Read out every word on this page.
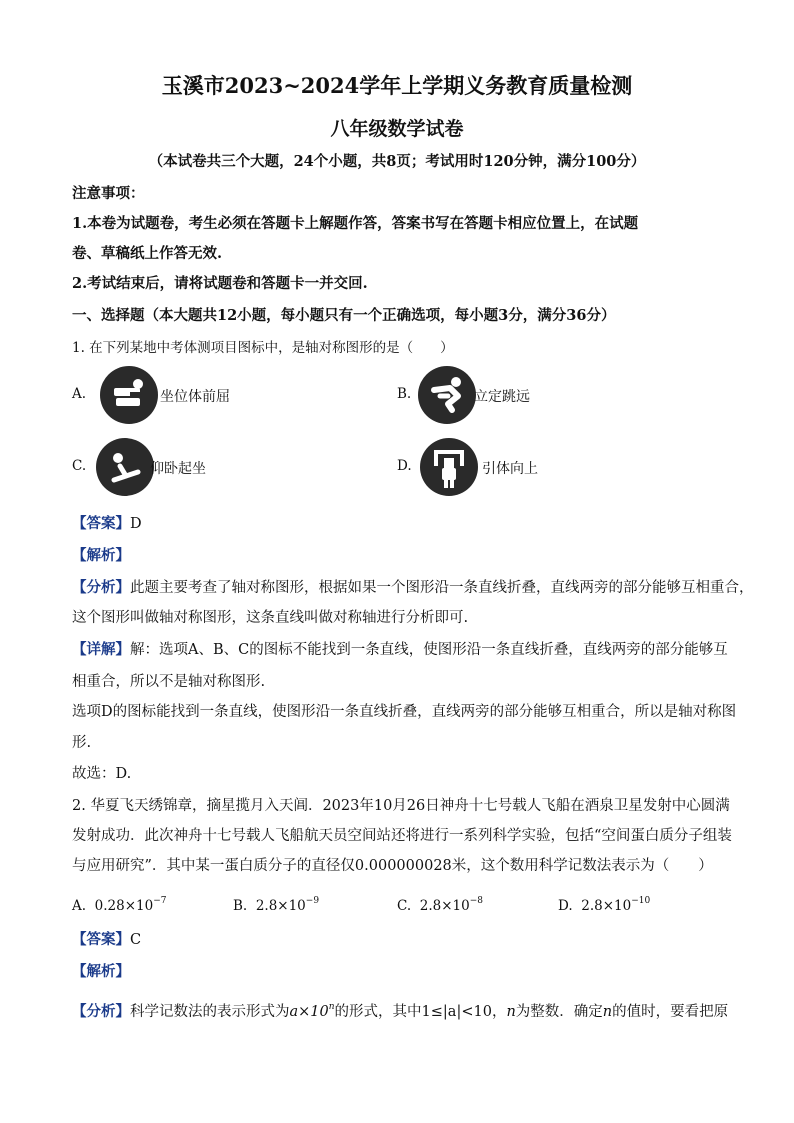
玉溪市2023~2024学年上学期义务教育质量检测
八年级数学试卷
（本试卷共三个大题，24个小题，共8页；考试用时120分钟，满分100分）
注意事项：
1.本卷为试题卷，考生必须在答题卡上解题作答，答案书写在答题卡相应位置上，在试题
卷、草稿纸上作答无效.
2.考试结束后，请将试题卷和答题卡一并交回.
一、选择题（本大题共12小题，每小题只有一个正确选项，每小题3分，满分36分）
1. 在下列某地中考体测项目图标中，是轴对称图形的是（　　）
A.	坐位体前屈	B.	立定跳远
C.	仰卧起坐	D.	引体向上
【答案】D
【解析】
【分析】此题主要考查了轴对称图形，根据如果一个图形沿一条直线折叠，直线两旁的部分能够互相重合，
这个图形叫做轴对称图形，这条直线叫做对称轴进行分析即可.
【详解】解：选项A、B、C的图标不能找到一条直线，使图形沿一条直线折叠，直线两旁的部分能够互
相重合，所以不是轴对称图形.
选项D的图标能找到一条直线，使图形沿一条直线折叠，直线两旁的部分能够互相重合，所以是轴对称图
形.
故选：D.
2. 华夏飞天绣锦章，摘星揽月入天阊．2023年10月26日神舟十七号载人飞船在酒泉卫星发射中心圆满
发射成功．此次神舟十七号载人飞船航天员空间站还将进行一系列科学实验，包括“空间蛋白质分子组装
与应用研究”．其中某一蛋白质分子的直径仅0.000000028米，这个数用科学记数法表示为（　　）
A. $0.28\times 10^{-7}$	B. $2.8\times 10^{-9}$	C. $2.8\times 10^{-8}$	D. $2.8\times 10^{-10}$
【答案】C
【解析】
【分析】科学记数法的表示形式为$a\times 10^n$的形式，其中1≤|a|<10，n为整数．确定n的值时，要看把原
